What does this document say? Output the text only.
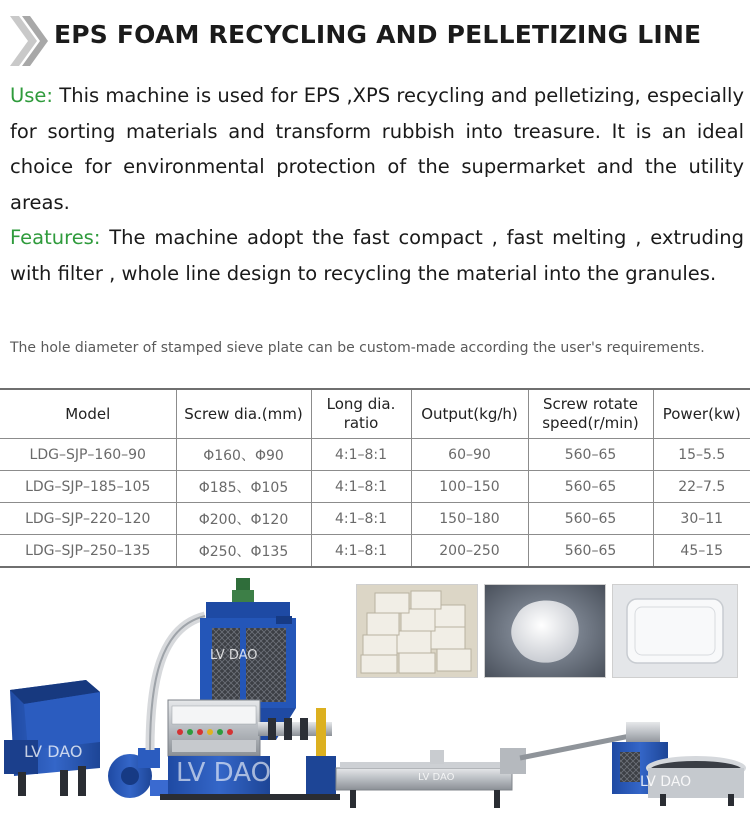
EPS FOAM RECYCLING AND PELLETIZING LINE

Use: This machine is used for EPS ,XPS recycling and pelletizing, especially for sorting materials and transform rubbish into treasure. It is an ideal choice for environmental protection of the supermarket and the utility areas.

Features: The machine adopt the fast compact , fast melting , extruding with filter , whole line design to recycling the material into the granules.

The hole diameter of stamped sieve plate can be custom-made according the user's requirements.
Model	Screw dia.(mm)	Long dia. ratio	Output(kg/h)	Screw rotate speed(r/min)	Power(kw)
LDG–SJP–160–90	Φ160、Φ90	4:1–8:1	60–90	560–65	15–5.5
LDG–SJP–185–105	Φ185、Φ105	4:1–8:1	100–150	560–65	22–7.5
LDG–SJP–220–120	Φ200、Φ120	4:1–8:1	150–180	560–65	30–11
LDG–SJP–250–135	Φ250、Φ135	4:1–8:1	200–250	560–65	45–15
LV DAO
LV DAO
LV DAO	LV DAO	LV DAO
